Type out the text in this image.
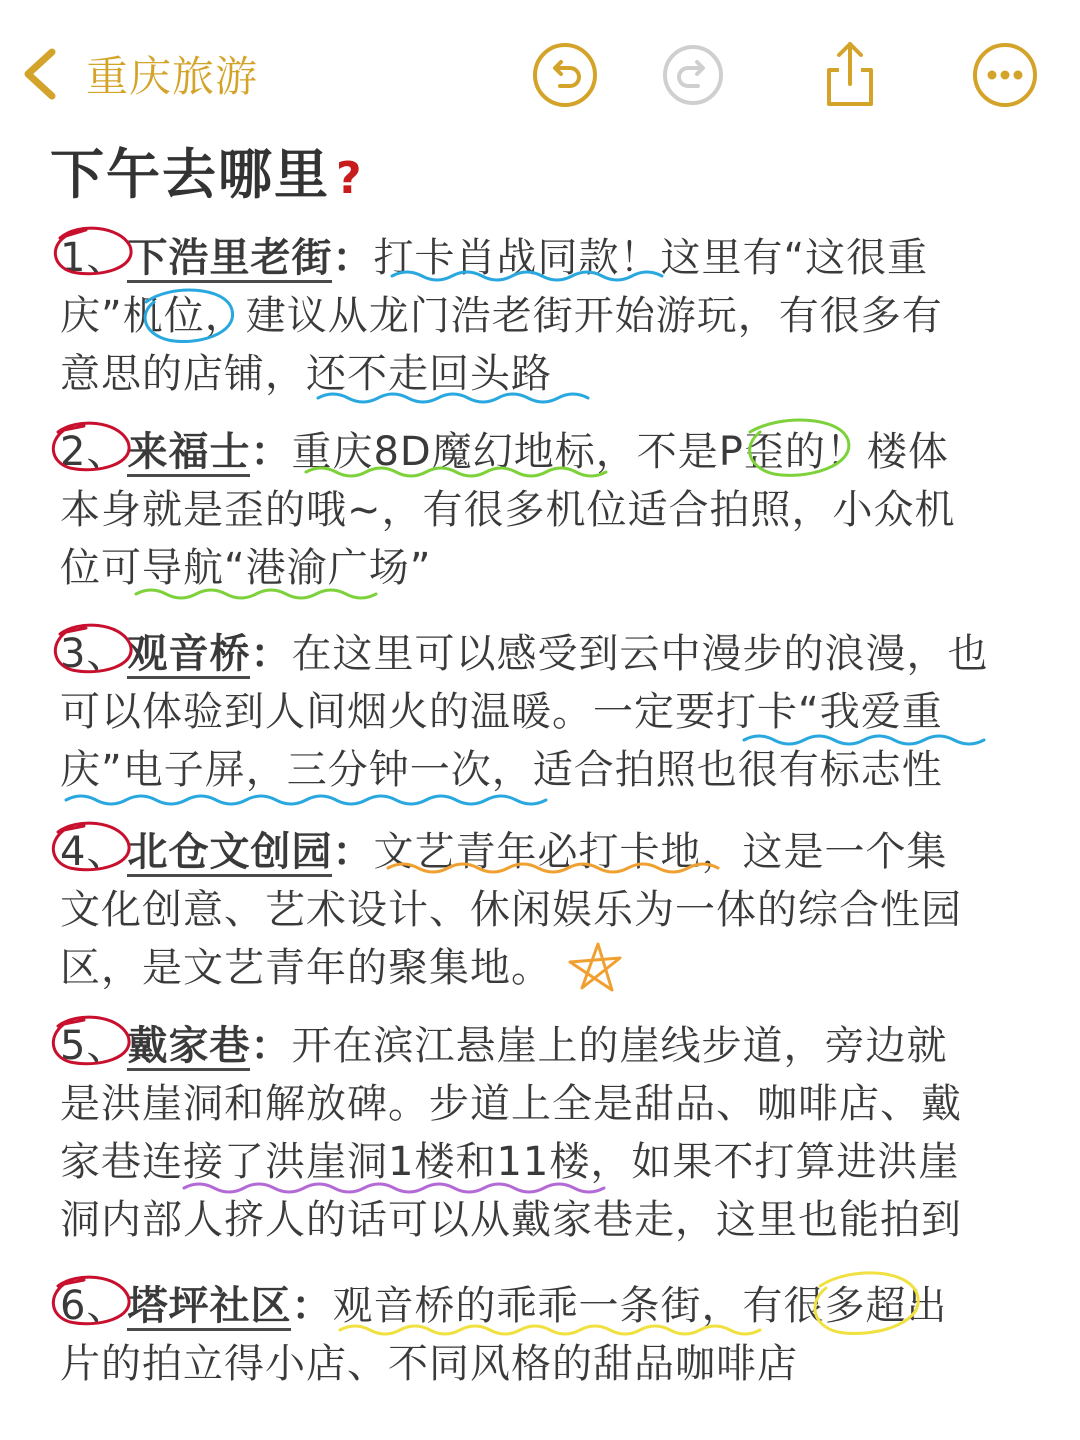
重庆旅游
下午去哪里 ?
1、下浩里老街：打卡肖战同款！这里有“这很重
庆”机位，建议从龙门浩老街开始游玩，有很多有
意思的店铺，还不走回头路
2、来福士：重庆8D魔幻地标，不是P歪的！楼体
本身就是歪的哦~，有很多机位适合拍照，小众机
位可导航“港渝广场”
3、观音桥：在这里可以感受到云中漫步的浪漫，也
可以体验到人间烟火的温暖。一定要打卡“我爱重
庆”电子屏，三分钟一次，适合拍照也很有标志性
4、北仓文创园：文艺青年必打卡地，这是一个集
文化创意、艺术设计、休闲娱乐为一体的综合性园
区，是文艺青年的聚集地。
5、戴家巷：开在滨江悬崖上的崖线步道，旁边就
是洪崖洞和解放碑。步道上全是甜品、咖啡店、戴
家巷连接了洪崖洞1楼和11楼，如果不打算进洪崖
洞内部人挤人的话可以从戴家巷走，这里也能拍到
6、塔坪社区：观音桥的乖乖一条街，有很多超出
片的拍立得小店、不同风格的甜品咖啡店
